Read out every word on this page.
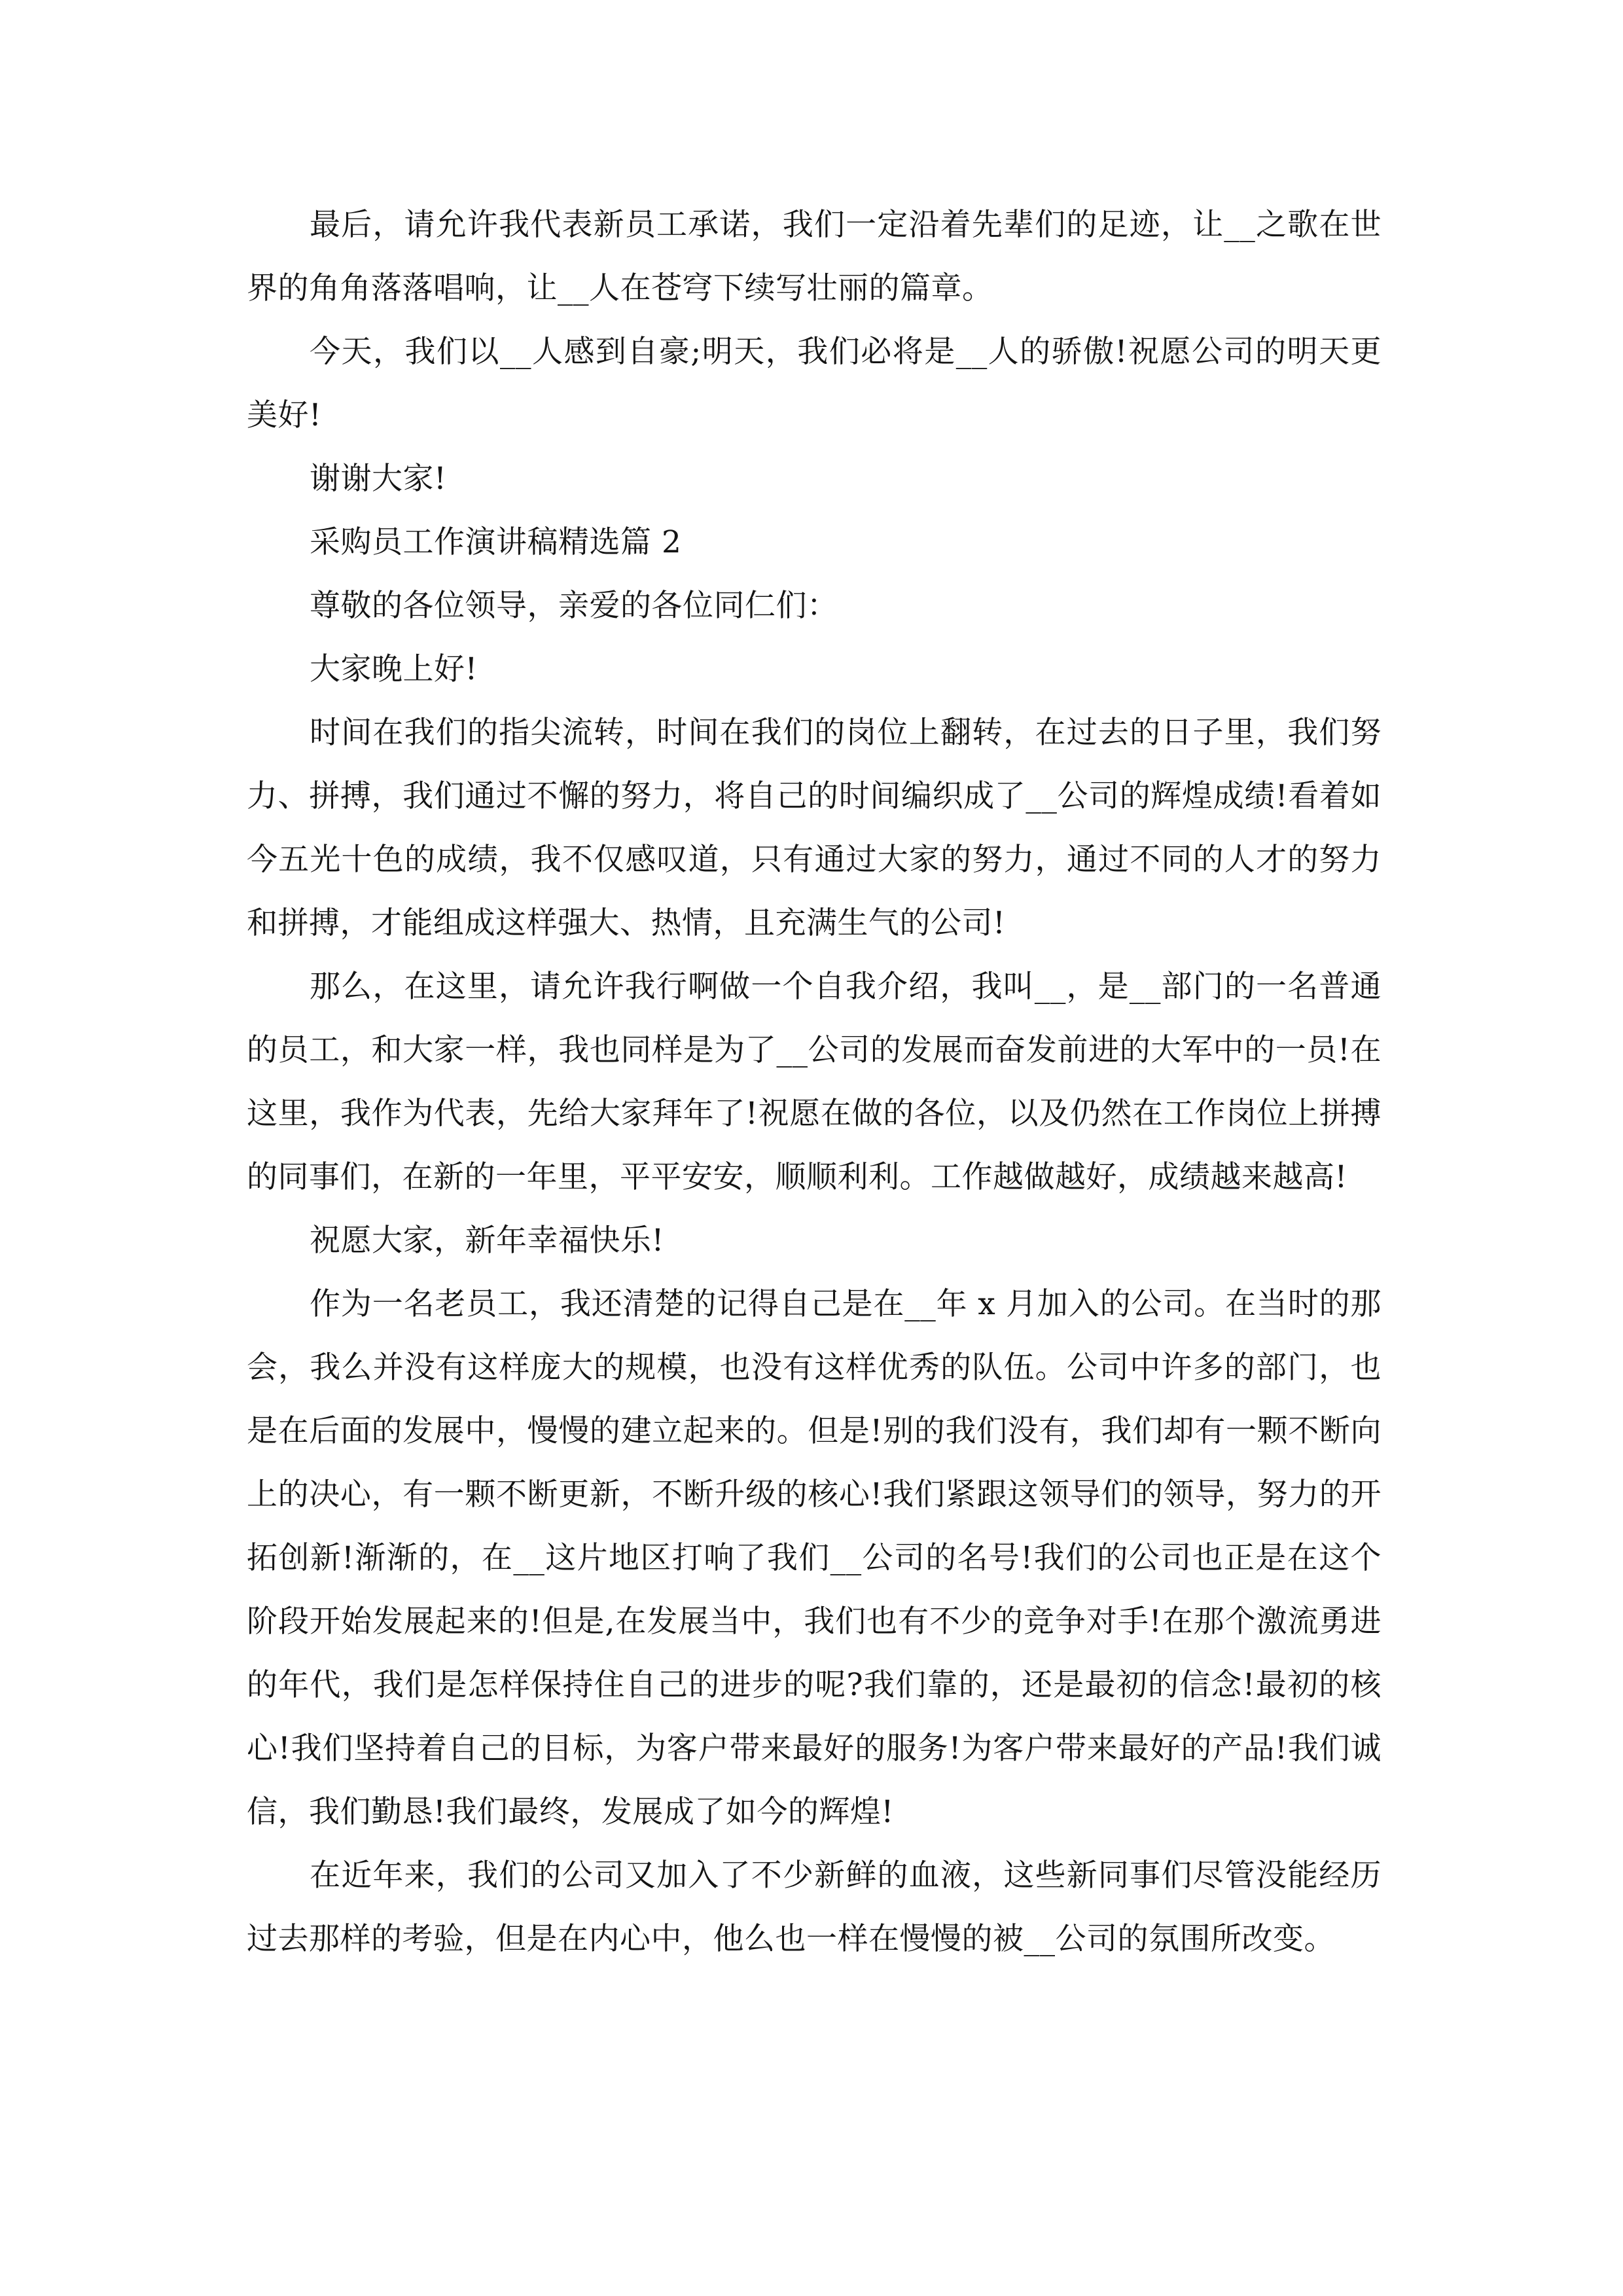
最后，请允许我代表新员工承诺，我们一定沿着先辈们的足迹，让__之歌在世界的角角落落唱响，让__人在苍穹下续写壮丽的篇章。

今天，我们以__人感到自豪;明天，我们必将是__人的骄傲!祝愿公司的明天更美好!

谢谢大家!

采购员工作演讲稿精选篇 2

尊敬的各位领导，亲爱的各位同仁们：

大家晚上好!

时间在我们的指尖流转，时间在我们的岗位上翻转，在过去的日子里，我们努力、拼搏，我们通过不懈的努力，将自己的时间编织成了__公司的辉煌成绩!看着如今五光十色的成绩，我不仅感叹道，只有通过大家的努力，通过不同的人才的努力和拼搏，才能组成这样强大、热情，且充满生气的公司!

那么，在这里，请允许我行啊做一个自我介绍，我叫__，是__部门的一名普通的员工，和大家一样，我也同样是为了__公司的发展而奋发前进的大军中的一员!在这里，我作为代表，先给大家拜年了!祝愿在做的各位，以及仍然在工作岗位上拼搏的同事们，在新的一年里，平平安安，顺顺利利。工作越做越好，成绩越来越高!

祝愿大家，新年幸福快乐!

作为一名老员工，我还清楚的记得自己是在__年 x 月加入的公司。在当时的那会，我么并没有这样庞大的规模，也没有这样优秀的队伍。公司中许多的部门，也是在后面的发展中，慢慢的建立起来的。但是!别的我们没有，我们却有一颗不断向上的决心，有一颗不断更新，不断升级的核心!我们紧跟这领导们的领导，努力的开拓创新!渐渐的，在__这片地区打响了我们__公司的名号!我们的公司也正是在这个阶段开始发展起来的!但是,在发展当中，我们也有不少的竞争对手!在那个激流勇进的年代，我们是怎样保持住自己的进步的呢?我们靠的，还是最初的信念!最初的核心!我们坚持着自己的目标，为客户带来最好的服务!为客户带来最好的产品!我们诚信，我们勤恳!我们最终，发展成了如今的辉煌!

在近年来，我们的公司又加入了不少新鲜的血液，这些新同事们尽管没能经历过去那样的考验，但是在内心中，他么也一样在慢慢的被__公司的氛围所改变。
